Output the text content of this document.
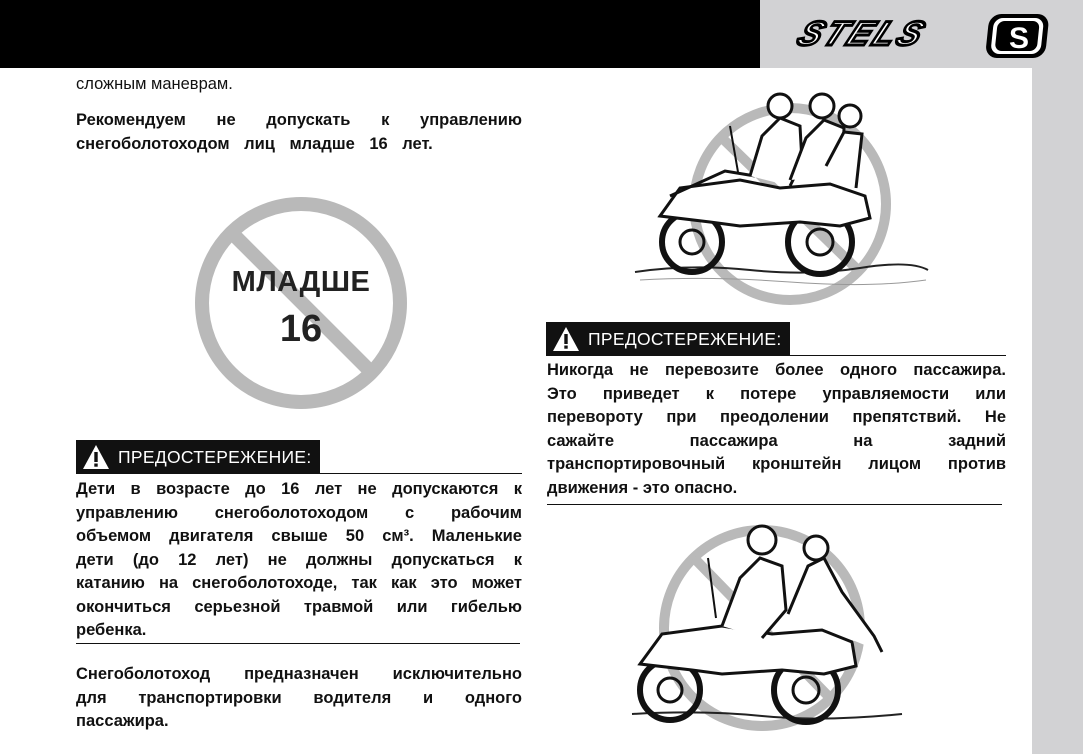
STELS	S
сложным маневрам.
Рекомендуем не допускать к управлению
снегоболотоходом лиц младше 16 лет.
МЛАДШЕ
16
ПРЕДОСТЕРЕЖЕНИЕ:
Дети в возрасте до 16 лет не допускаются к
управлению снегоболотоходом с рабочим
объемом двигателя свыше 50 см³. Маленькие
дети (до 12 лет) не должны допускаться к
катанию на снегоболотоходе, так как это может
окончиться серьезной травмой или гибелью
ребенка.
Снегоболотоход предназначен исключительно
для транспортировки водителя и одного
пассажира.
ПРЕДОСТЕРЕЖЕНИЕ:
Никогда не перевозите более одного пассажира.
Это приведет к потере управляемости или
перевороту при преодолении препятствий. Не
сажайте пассажира на задний
транспортировочный кронштейн лицом против
движения - это опасно.
